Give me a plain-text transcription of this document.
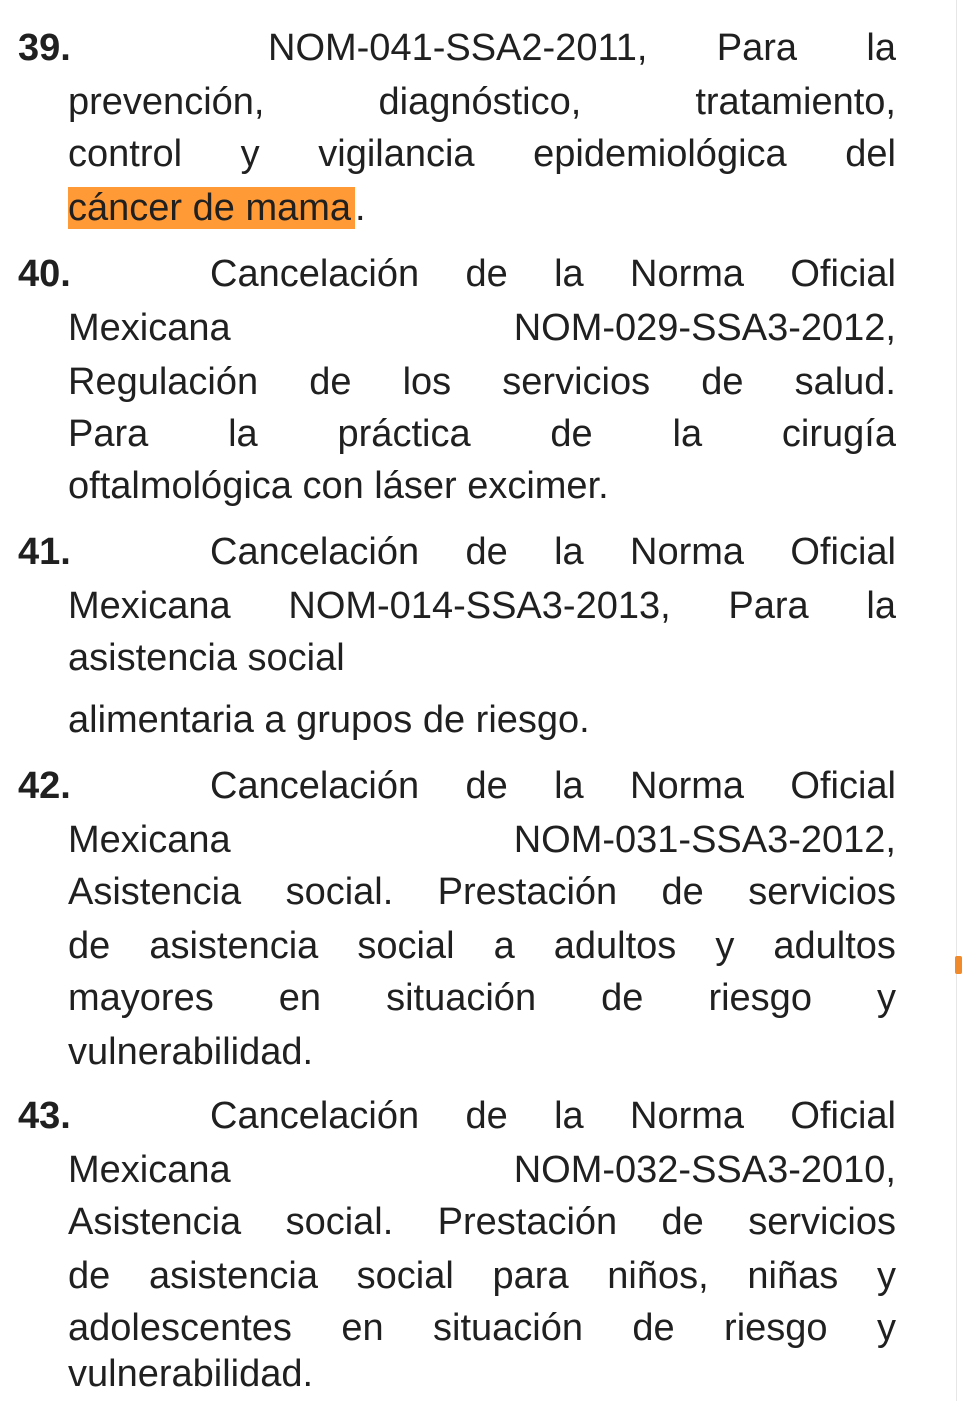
39.	NOM-041-SSA2-2011, Para la
prevención,	diagnóstico,	tratamiento,
control y vigilancia epidemiológica del
cáncer de mama .
40.	Cancelación de la Norma Oficial
Mexicana	NOM-029-SSA3-2012,
Regulación de los servicios de salud.
Para la práctica de la cirugía
oftalmológica con láser excimer.
41.	Cancelación de la Norma Oficial
Mexicana NOM-014-SSA3-2013, Para la
asistencia social
alimentaria a grupos de riesgo.
42.	Cancelación de la Norma Oficial
Mexicana	NOM-031-SSA3-2012,
Asistencia social. Prestación de servicios
de asistencia social a adultos y adultos
mayores en situación de riesgo y
vulnerabilidad.
43.	Cancelación de la Norma Oficial
Mexicana	NOM-032-SSA3-2010,
Asistencia social. Prestación de servicios
de asistencia social para niños, niñas y
adolescentes en situación de riesgo y
vulnerabilidad.
